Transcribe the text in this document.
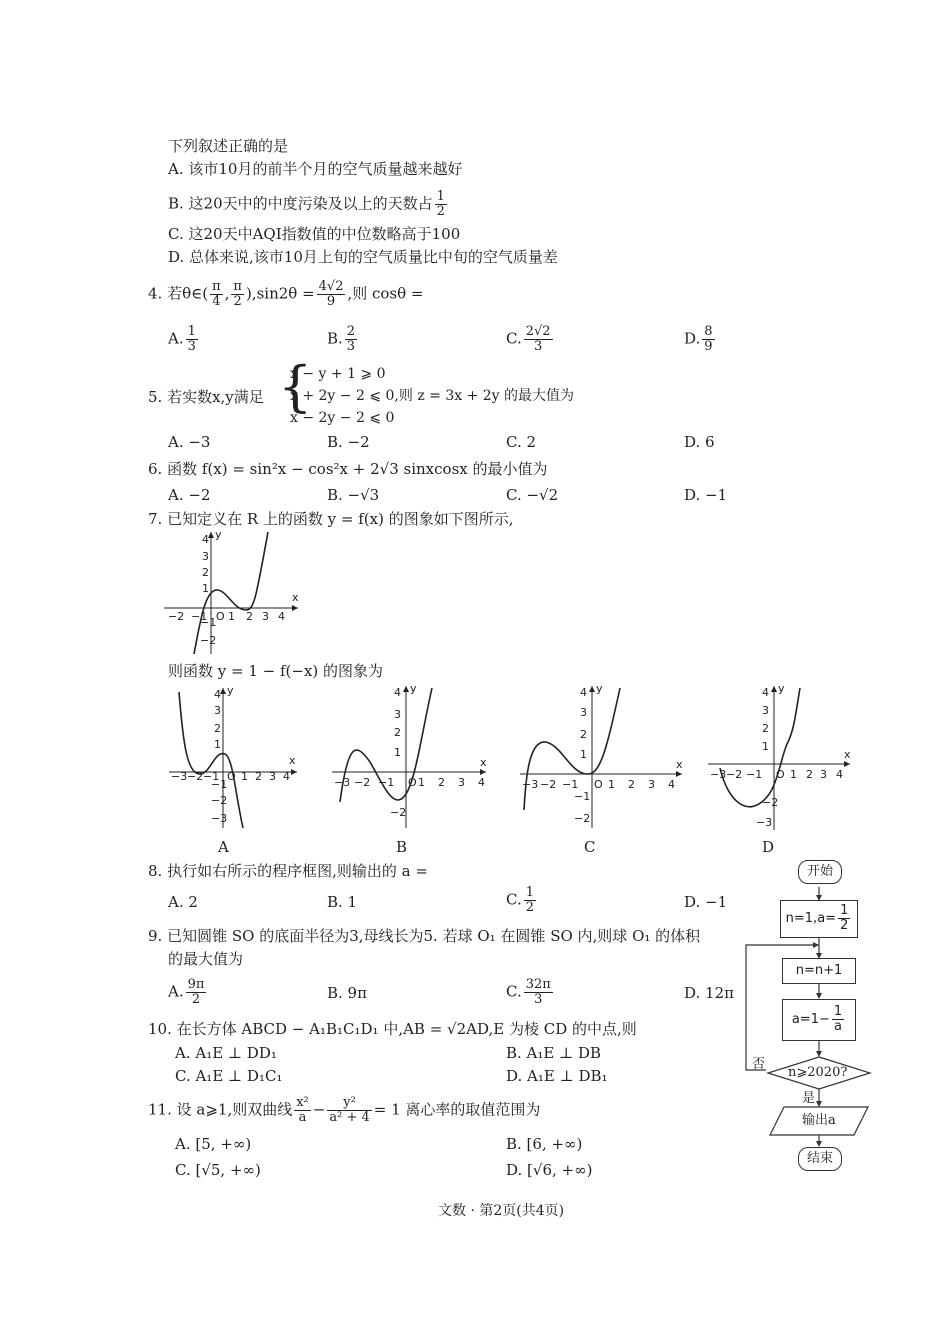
下列叙述正确的是
A. 该市10月的前半个月的空气质量越来越好
B. 这20天中的中度污染及以上的天数占 $\frac{1}{2}$
C. 这20天中AQI指数值的中位数略高于100
D. 总体来说,该市10月上旬的空气质量比中旬的空气质量差
4. 若θ∈( $\frac{\pi}{4}$ , $\frac{\pi}{2} ),\sin 2\theta = \frac{4√2}{9}$ ,则 cosθ =
A. $\frac{1}{3}$	B. $\frac{2}{3}$	C. $\frac{2√2}{3}$	D. $\frac{8}{9}$
5. 若实数x,y满足 {
x − y + 1 ⩾ 0
x + 2y − 2 ⩽ 0,则 z = 3x + 2y 的最大值为
x − 2y − 2 ⩽ 0
A. −3	B. −2	C. 2	D. 6
6. 函数 f(x) = sin²x − cos²x + 2√3 sinxcosx 的最小值为
A. −2	B. −√3	C. −√2	D. −1
7. 已知定义在 R 上的函数 y = f(x) 的图象如下图所示,
x
y
O
−2 −1 1 2 3 4
4
3
2
1
−1
−2
则函数 y = 1 − f(−x) 的图象为
x
y
−3 −2 −1 O 1 2 3 4
4
3
2
1
−1
−2
−3
A
x
y
−3 −2 −1 O 1 2 3 4
4
3
2
1
−2
B
x
y
−3 −2 −1 O 1 2 3 4
4
3
2
1
−1
−2
C
x
y
−3 −2 −1 O 1 2 3 4
4
3
2
1
−2
−3
D
8. 执行如右所示的程序框图,则输出的 a =
A. 2	B. 1	C. $\frac{1}{2}$	D. −1
9. 已知圆锥 SO 的底面半径为3,母线长为5. 若球 O₁ 在圆锥 SO 内,则球 O₁ 的体积
的最大值为
A. $\frac{9\pi}{2}$	B. 9π	C. $\frac{32\pi}{3}$	D. 12π
10. 在长方体 ABCD − A₁B₁C₁D₁ 中,AB = √2AD,E 为棱 CD 的中点,则
A. A₁E ⊥ DD₁	B. A₁E ⊥ DB
C. A₁E ⊥ D₁C₁	D. A₁E ⊥ DB₁
11. 设 a⩾1,则双曲线 $\frac{\text{x²}}{a} - \frac{\text{y²}}{\text{a² + 4}} = 1$ 离心率的取值范围为
A. [5, +∞)	B. [6, +∞)
C. [√5, +∞)	D. [√6, +∞)
开始
$n=1,a= \frac{1}{2}$
n=n+1
$a=1- \frac{1}{a}$
n⩾2020?
否
是
输出a
结束
文数 · 第2页(共4页)
